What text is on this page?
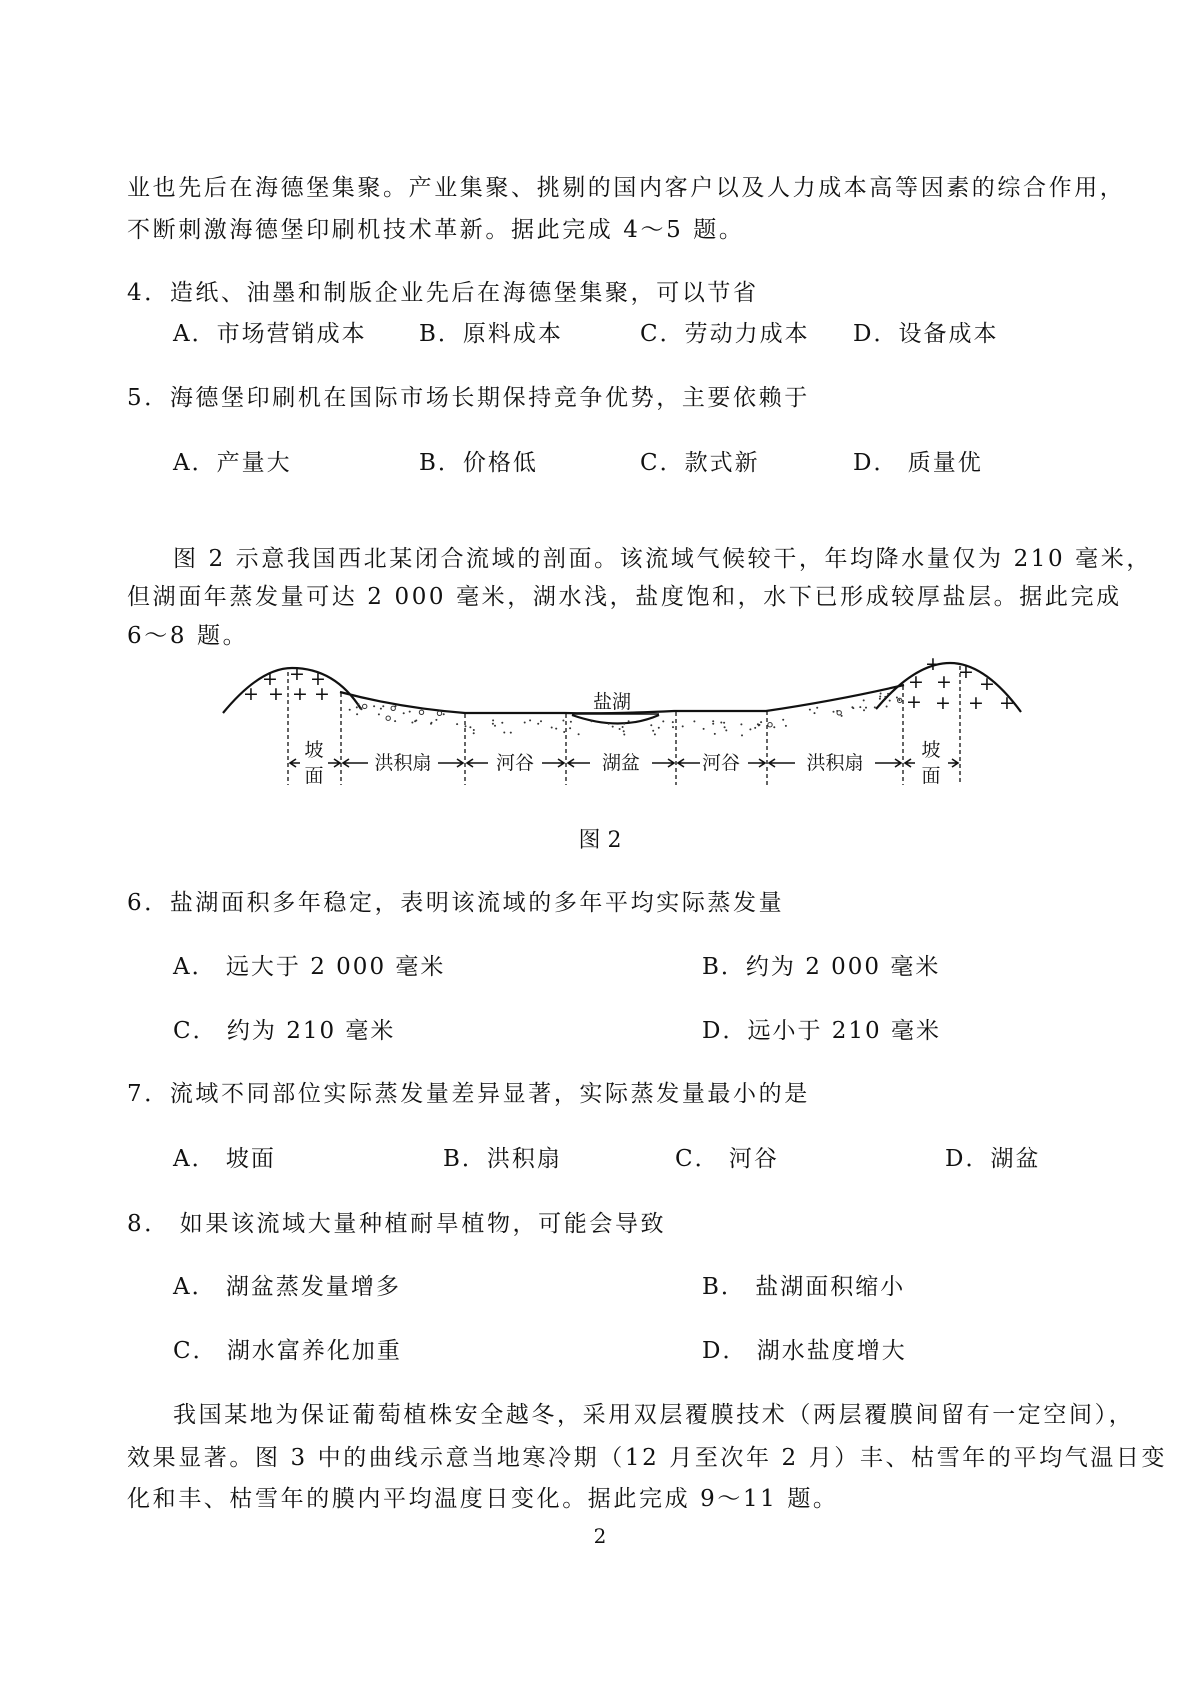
业也先后在海德堡集聚。产业集聚、挑剔的国内客户以及人力成本高等因素的综合作用，
不断刺激海德堡印刷机技术革新。据此完成 4～5 题。
4．造纸、油墨和制版企业先后在海德堡集聚，可以节省
A．市场营销成本 B．原料成本	C．劳动力成本 D．设备成本
5．海德堡印刷机在国际市场长期保持竞争优势，主要依赖于
A．产量大	B．价格低	C．款式新	D． 质量优
图 2 示意我国西北某闭合流域的剖面。该流域气候较干，年均降水量仅为 210 毫米，
但湖面年蒸发量可达 2 000 毫米，湖水浅，盐度饱和，水下已形成较厚盐层。据此完成
6～8 题。
+ + +
+ + + +
+ +
+ + +
+ + + +
盐湖
坡
面
洪积扇	河谷	湖盆	河谷	洪积扇
坡
面
图 2
6．盐湖面积多年稳定，表明该流域的多年平均实际蒸发量
A． 远大于 2 000 毫米	B．约为 2 000 毫米
C． 约为 210 毫米	D．远小于 210 毫米
7．流域不同部位实际蒸发量差异显著，实际蒸发量最小的是
A． 坡面	B．洪积扇	C． 河谷	D．湖盆
8． 如果该流域大量种植耐旱植物，可能会导致
A． 湖盆蒸发量增多	B． 盐湖面积缩小
C． 湖水富养化加重	D． 湖水盐度增大
我国某地为保证葡萄植株安全越冬，采用双层覆膜技术（两层覆膜间留有一定空间），
效果显著。图 3 中的曲线示意当地寒冷期（12 月至次年 2 月）丰、枯雪年的平均气温日变
化和丰、枯雪年的膜内平均温度日变化。据此完成 9～11 题。
2
